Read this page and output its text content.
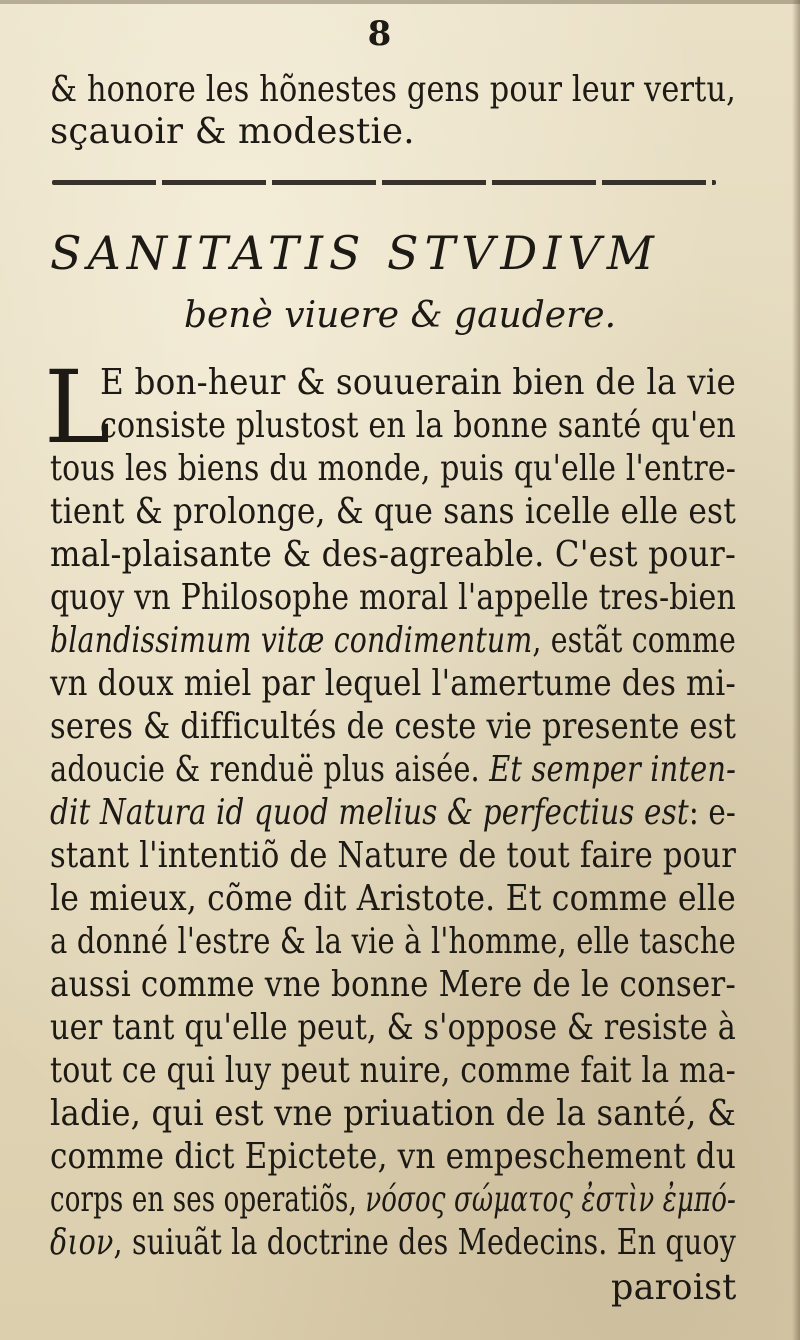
8
& honore les hõnestes gens pour leur vertu,
sçauoir & modestie.
SANITATIS STVDIVM
benè viuere & gaudere.
L
E bon-heur & souuerain bien de la vie
consiste plustost en la bonne santé qu'en
tous les biens du monde, puis qu'elle l'entre-
tient & prolonge, & que sans icelle elle est
mal-plaisante & des-agreable. C'est pour-
quoy vn Philosophe moral l'appelle tres-bien
blandissimum vitæ condimentum, estãt comme
vn doux miel par lequel l'amertume des mi-
seres & difficultés de ceste vie presente est
adoucie & renduë plus aisée. Et semper inten-
dit Natura id quod melius & perfectius est: e-
stant l'intentiõ de Nature de tout faire pour
le mieux, cõme dit Aristote. Et comme elle
a donné l'estre & la vie à l'homme, elle tasche
aussi comme vne bonne Mere de le conser-
uer tant qu'elle peut, & s'oppose & resiste à
tout ce qui luy peut nuire, comme fait la ma-
ladie, qui est vne priuation de la santé, &
comme dict Epictete, vn empeschement du
corps en ses operatiõs, νόσος σώματος ἐστὶν ἐμπό-
διον, suiuãt la doctrine des Medecins. En quoy
paroist
